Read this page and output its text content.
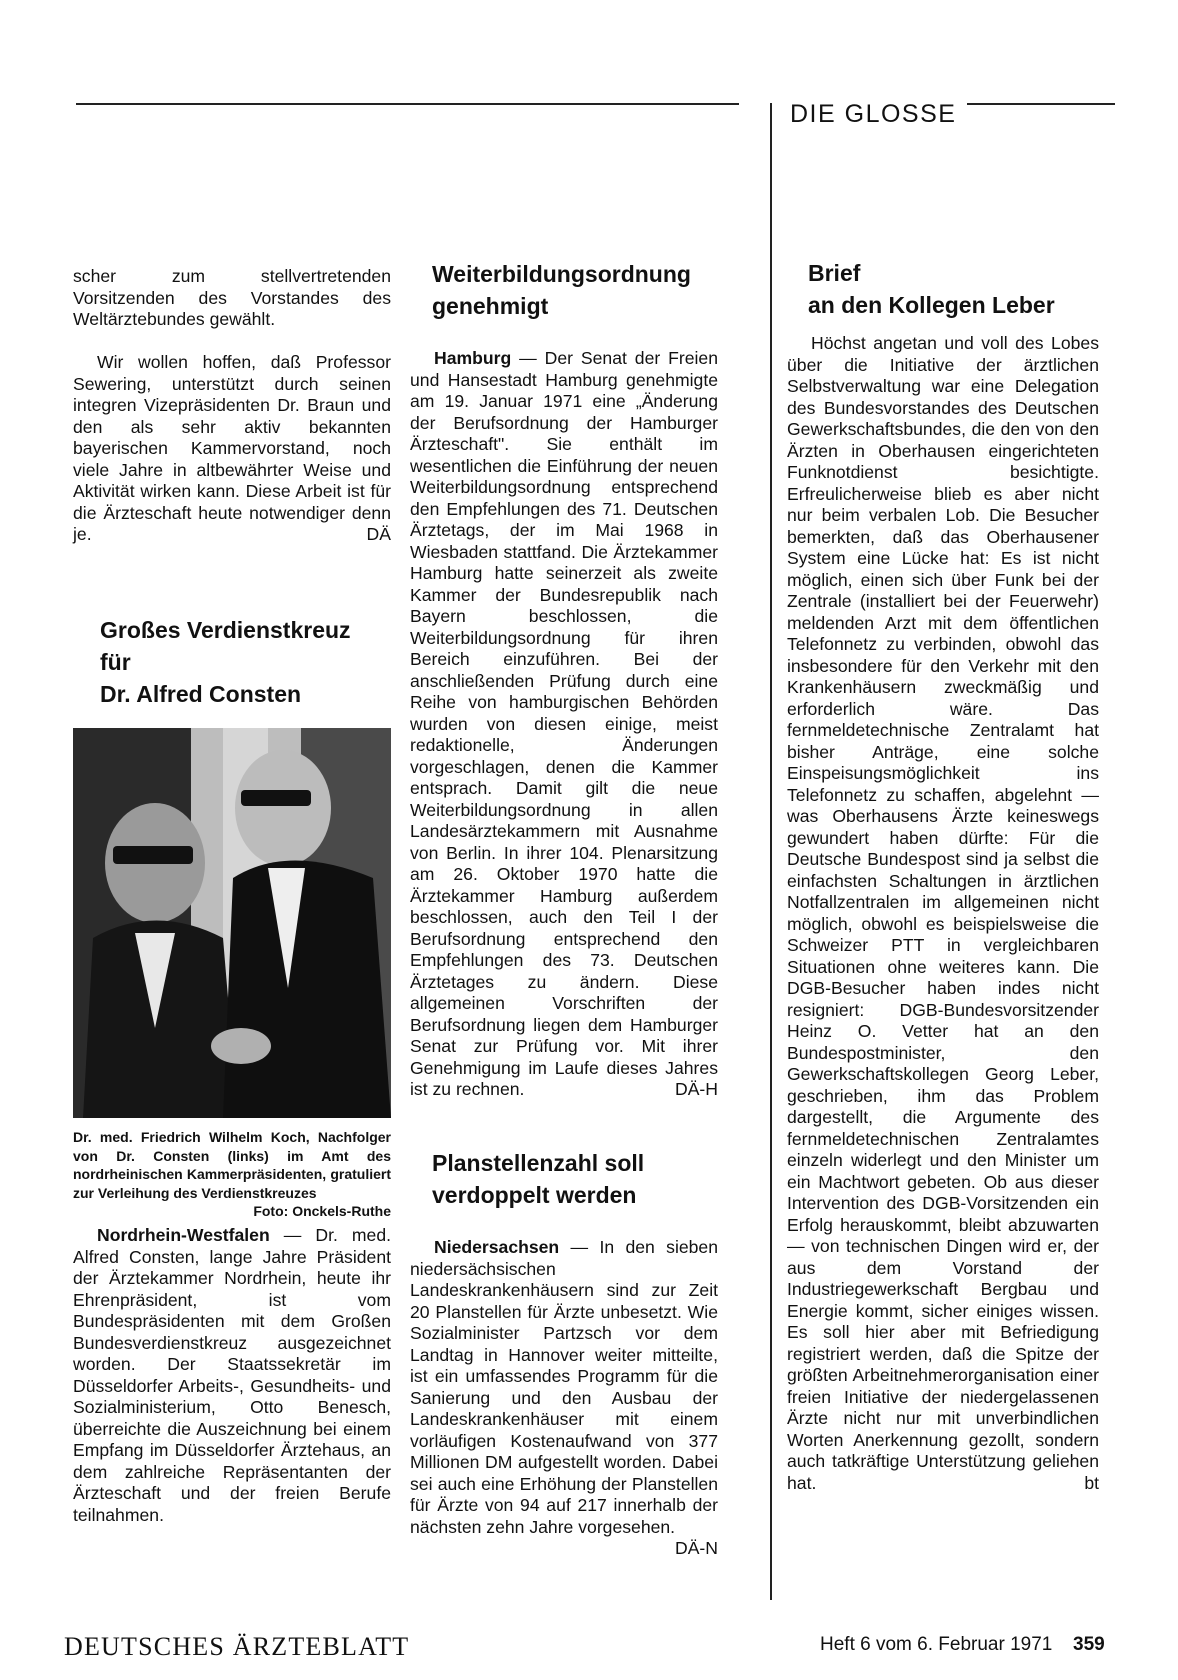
DIE GLOSSE

scher zum stellvertretenden Vorsitzenden des Vorstandes des Weltärztebundes gewählt.

Wir wollen hoffen, daß Professor Sewering, unterstützt durch seinen integren Vizepräsidenten Dr. Braun und den als sehr aktiv bekannten bayerischen Kammervorstand, noch viele Jahre in altbewährter Weise und Aktivität wirken kann. Diese Arbeit ist für die Ärzteschaft heute notwendiger denn je.	DÄ

Großes Verdienstkreuz
für
Dr. Alfred Consten
Dr. med. Friedrich Wilhelm Koch, Nachfolger von Dr. Consten (links) im Amt des nordrheinischen Kammerpräsidenten, gratuliert zur Verleihung des Verdienstkreuzes
Foto: Onckels-Ruthe

Nordrhein-Westfalen — Dr. med. Alfred Consten, lange Jahre Präsident der Ärztekammer Nordrhein, heute ihr Ehrenpräsident, ist vom Bundespräsidenten mit dem Großen Bundesverdienstkreuz ausgezeichnet worden. Der Staatssekretär im Düsseldorfer Arbeits-, Gesundheits- und Sozialministerium, Otto Benesch, überreichte die Auszeichnung bei einem Empfang im Düsseldorfer Ärztehaus, an dem zahlreiche Repräsentanten der Ärzteschaft und der freien Berufe teilnahmen.

Weiterbildungsordnung
genehmigt

Hamburg — Der Senat der Freien und Hansestadt Hamburg genehmigte am 19. Januar 1971 eine „Änderung der Berufsordnung der Hamburger Ärzteschaft". Sie enthält im wesentlichen die Einführung der neuen Weiterbildungsordnung entsprechend den Empfehlungen des 71. Deutschen Ärztetags, der im Mai 1968 in Wiesbaden stattfand. Die Ärztekammer Hamburg hatte seinerzeit als zweite Kammer der Bundesrepublik nach Bayern beschlossen, die Weiterbildungsordnung für ihren Bereich einzuführen. Bei der anschließenden Prüfung durch eine Reihe von hamburgischen Behörden wurden von diesen einige, meist redaktionelle, Änderungen vorgeschlagen, denen die Kammer entsprach. Damit gilt die neue Weiterbildungsordnung in allen Landesärztekammern mit Ausnahme von Berlin. In ihrer 104. Plenarsitzung am 26. Oktober 1970 hatte die Ärztekammer Hamburg außerdem beschlossen, auch den Teil I der Berufsordnung entsprechend den Empfehlungen des 73. Deutschen Ärztetages zu ändern. Diese allgemeinen Vorschriften der Berufsordnung liegen dem Hamburger Senat zur Prüfung vor. Mit ihrer Genehmigung im Laufe dieses Jahres ist zu rechnen.	DÄ-H

Planstellenzahl soll
verdoppelt werden

Niedersachsen — In den sieben niedersächsischen Landeskrankenhäusern sind zur Zeit 20 Planstellen für Ärzte unbesetzt. Wie Sozialminister Partzsch vor dem Landtag in Hannover weiter mitteilte, ist ein umfassendes Programm für die Sanierung und den Ausbau der Landeskrankenhäuser mit einem vorläufigen Kostenaufwand von 377 Millionen DM aufgestellt worden. Dabei sei auch eine Erhöhung der Planstellen für Ärzte von 94 auf 217 innerhalb der nächsten zehn Jahre vorgesehen.
DÄ-N

Brief
an den Kollegen Leber

Höchst angetan und voll des Lobes über die Initiative der ärztlichen Selbstverwaltung war eine Delegation des Bundesvorstandes des Deutschen Gewerkschaftsbundes, die den von den Ärzten in Oberhausen eingerichteten Funknotdienst besichtigte. Erfreulicherweise blieb es aber nicht nur beim verbalen Lob. Die Besucher bemerkten, daß das Oberhausener System eine Lücke hat: Es ist nicht möglich, einen sich über Funk bei der Zentrale (installiert bei der Feuerwehr) meldenden Arzt mit dem öffentlichen Telefonnetz zu verbinden, obwohl das insbesondere für den Verkehr mit den Krankenhäusern zweckmäßig und erforderlich wäre. Das fernmeldetechnische Zentralamt hat bisher Anträge, eine solche Einspeisungsmöglichkeit ins Telefonnetz zu schaffen, abgelehnt — was Oberhausens Ärzte keineswegs gewundert haben dürfte: Für die Deutsche Bundespost sind ja selbst die einfachsten Schaltungen in ärztlichen Notfallzentralen im allgemeinen nicht möglich, obwohl es beispielsweise die Schweizer PTT in vergleichbaren Situationen ohne weiteres kann. Die DGB-Besucher haben indes nicht resigniert: DGB-Bundesvorsitzender Heinz O. Vetter hat an den Bundespostminister, den Gewerkschaftskollegen Georg Leber, geschrieben, ihm das Problem dargestellt, die Argumente des fernmeldetechnischen Zentralamtes einzeln widerlegt und den Minister um ein Machtwort gebeten. Ob aus dieser Intervention des DGB-Vorsitzenden ein Erfolg herauskommt, bleibt abzuwarten — von technischen Dingen wird er, der aus dem Vorstand der Industriegewerkschaft Bergbau und Energie kommt, sicher einiges wissen. Es soll hier aber mit Befriedigung registriert werden, daß die Spitze der größten Arbeitnehmerorganisation einer freien Initiative der niedergelassenen Ärzte nicht nur mit unverbindlichen Worten Anerkennung gezollt, sondern auch tatkräftige Unterstützung geliehen hat.	bt

DEUTSCHES ÄRZTEBLATT	Heft 6 vom 6. Februar 1971 359
